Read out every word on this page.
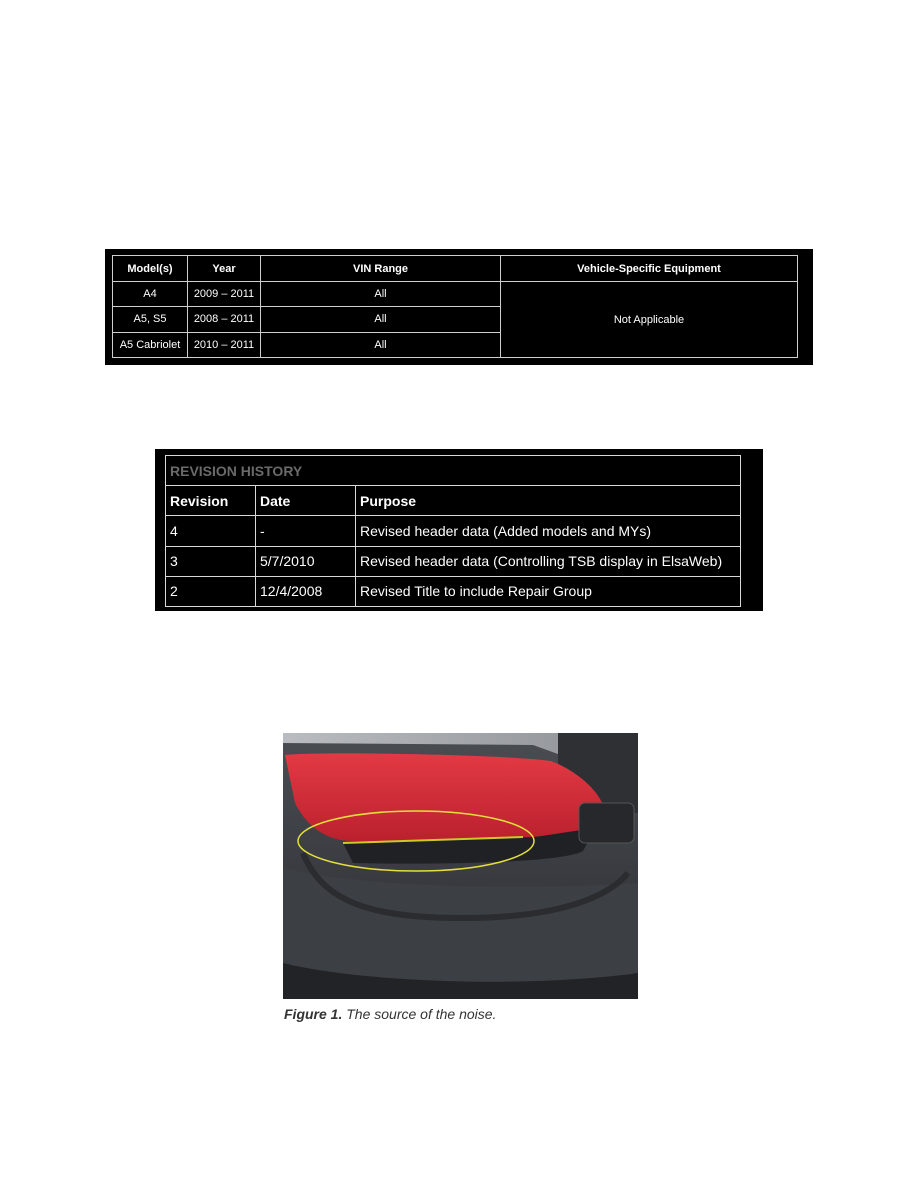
Model(s)	Year	VIN Range	Vehicle-Specific Equipment
A4	2009 – 2011	All	Not Applicable
A5, S5	2008 – 2011	All	
A5 Cabriolet	2010 – 2011	All	
REVISION HISTORY		
Revision	Date	Purpose
4	-	Revised header data (Added models and MYs)
3	5/7/2010	Revised header data (Controlling TSB display in ElsaWeb)
2	12/4/2008	Revised Title to include Repair Group
Figure 1. The source of the noise.
